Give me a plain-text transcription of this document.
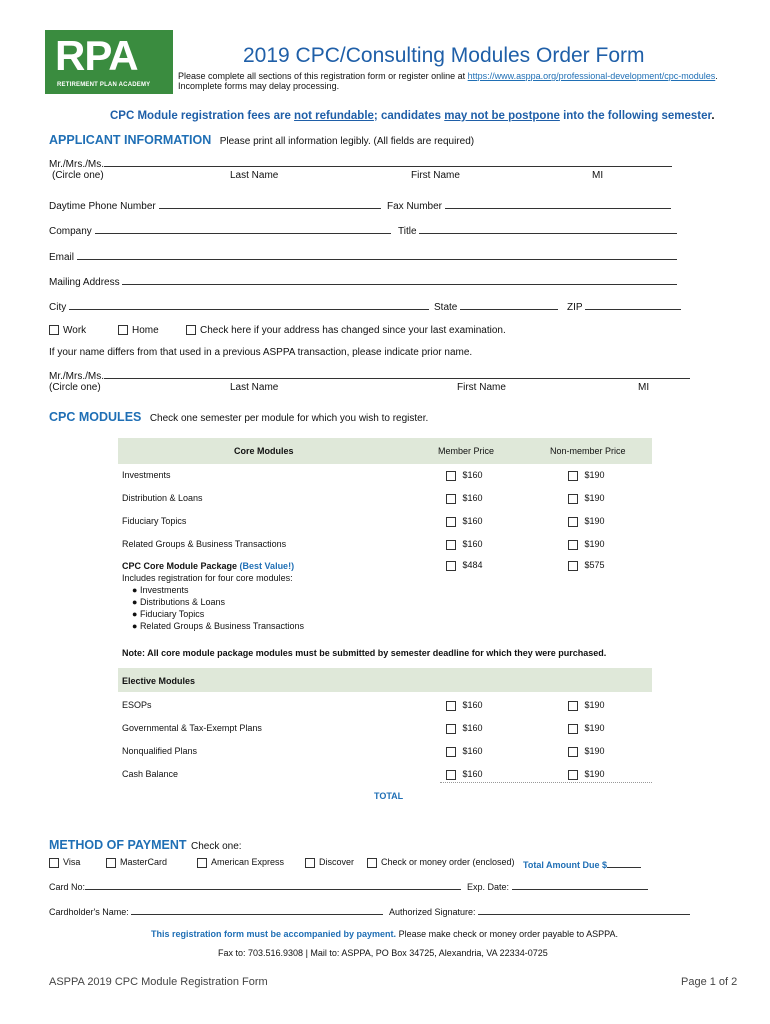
RPA
RETIREMENT PLAN ACADEMY
2019 CPC/Consulting Modules Order Form
Please complete all sections of this registration form or register online at https://www.asppa.org/professional-development/cpc-modules.
Incomplete forms may delay processing.
CPC Module registration fees are not refundable; candidates may not be postpone into the following semester.
APPLICANT INFORMATION Please print all information legibly. (All fields are required)
Mr./Mrs./Ms.
(Circle one)	Last Name	First Name	MI
Daytime Phone Number	Fax Number
Company	Title
Email
Mailing Address
City	State	ZIP
Work	Home	Check here if your address has changed since your last examination.
If your name differs from that used in a previous ASPPA transaction, please indicate prior name.
Mr./Mrs./Ms.
(Circle one)	Last Name	First Name	MI
CPC MODULES Check one semester per module for which you wish to register.
Core Modules	Member Price	Non-member Price
Investments	$160	$190
Distribution & Loans	$160	$190
Fiduciary Topics	$160	$190
Related Groups & Business Transactions	$160	$190
CPC Core Module Package (Best Value!)
Includes registration for four core modules:
● Investments
● Distributions & Loans
● Fiduciary Topics
● Related Groups & Business Transactions
$484	$575
Note: All core module package modules must be submitted by semester deadline for which they were purchased.
Elective Modules
ESOPs	$160	$190
Governmental & Tax-Exempt Plans	$160	$190
Nonqualified Plans	$160	$190
Cash Balance	$160	$190
TOTAL
METHOD OF PAYMENT Check one:
Visa	MasterCard	American Express	Discover	Check or money order (enclosed) Total Amount Due $
Card No:	Exp. Date:
Cardholder's Name:	Authorized Signature:
This registration form must be accompanied by payment. Please make check or money order payable to ASPPA.
Fax to: 703.516.9308 | Mail to: ASPPA, PO Box 34725, Alexandria, VA 22334-0725
ASPPA 2019 CPC Module Registration Form	Page 1 of 2
